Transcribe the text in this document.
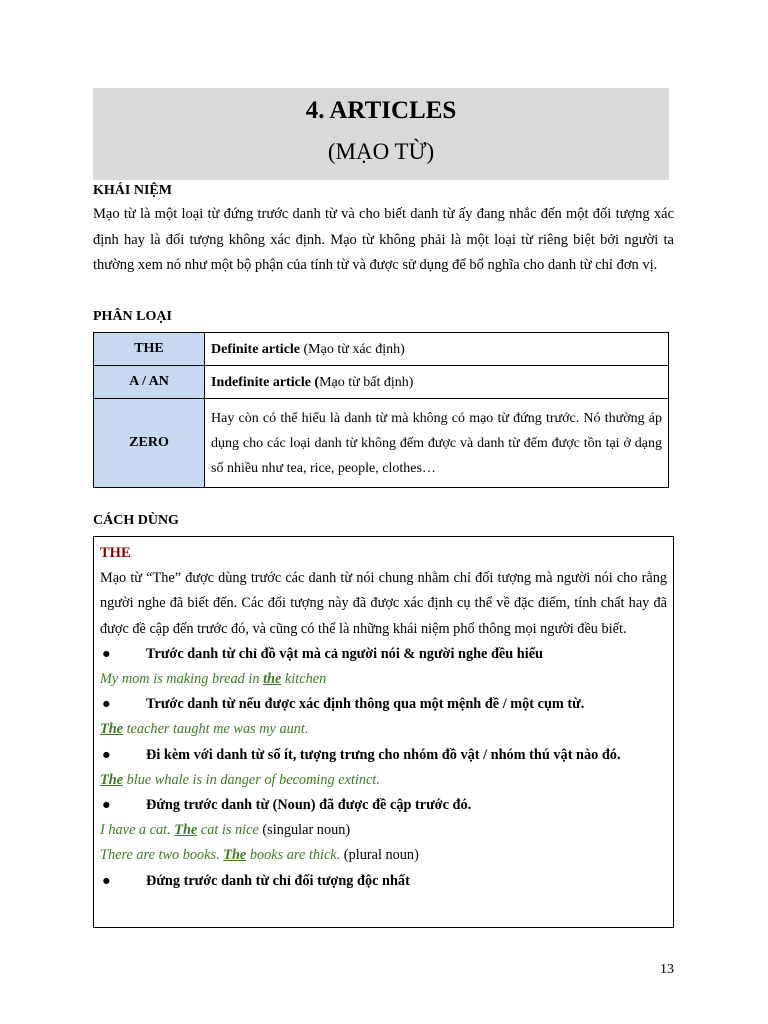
4. ARTICLES
(MẠO TỪ)
KHÁI NIỆM

Mạo từ là một loại từ đứng trước danh từ và cho biết danh từ ấy đang nhắc đến một đối tượng xác định hay là đối tượng không xác định. Mạo từ không phải là một loại từ riêng biệt bởi người ta thường xem nó như một bộ phận của tính từ và được sử dụng để bổ nghĩa cho danh từ chỉ đơn vị.

PHÂN LOẠI
THE	Definite article (Mạo từ xác định)
A / AN	Indefinite article (Mạo từ bất định)
ZERO	Hay còn có thể hiểu là danh từ mà không có mạo từ đứng trước. Nó thường áp dụng cho các loại danh từ không đếm được và danh từ đếm được tồn tại ở dạng số nhiều như tea, rice, people, clothes…
CÁCH DÙNG
THE

Mạo từ “The” được dùng trước các danh từ nói chung nhằm chỉ đối tượng mà người nói cho rằng người nghe đã biết đến. Các đối tượng này đã được xác định cụ thể về đặc điểm, tính chất hay đã được đề cập đến trước đó, và cũng có thể là những khái niệm phổ thông mọi người đều biết.

● Trước danh từ chỉ đồ vật mà cả người nói & người nghe đều hiểu
My mom is making bread in the kitchen
● Trước danh từ nếu được xác định thông qua một mệnh đề / một cụm từ.
The teacher taught me was my aunt.
● Đi kèm với danh từ số ít, tượng trưng cho nhóm đồ vật / nhóm thú vật nào đó.
The blue whale is in danger of becoming extinct.
● Đứng trước danh từ (Noun) đã được đề cập trước đó.
I have a cat. The cat is nice (singular noun)
There are two books. The books are thick. (plural noun)
● Đứng trước danh từ chỉ đối tượng độc nhất
13
